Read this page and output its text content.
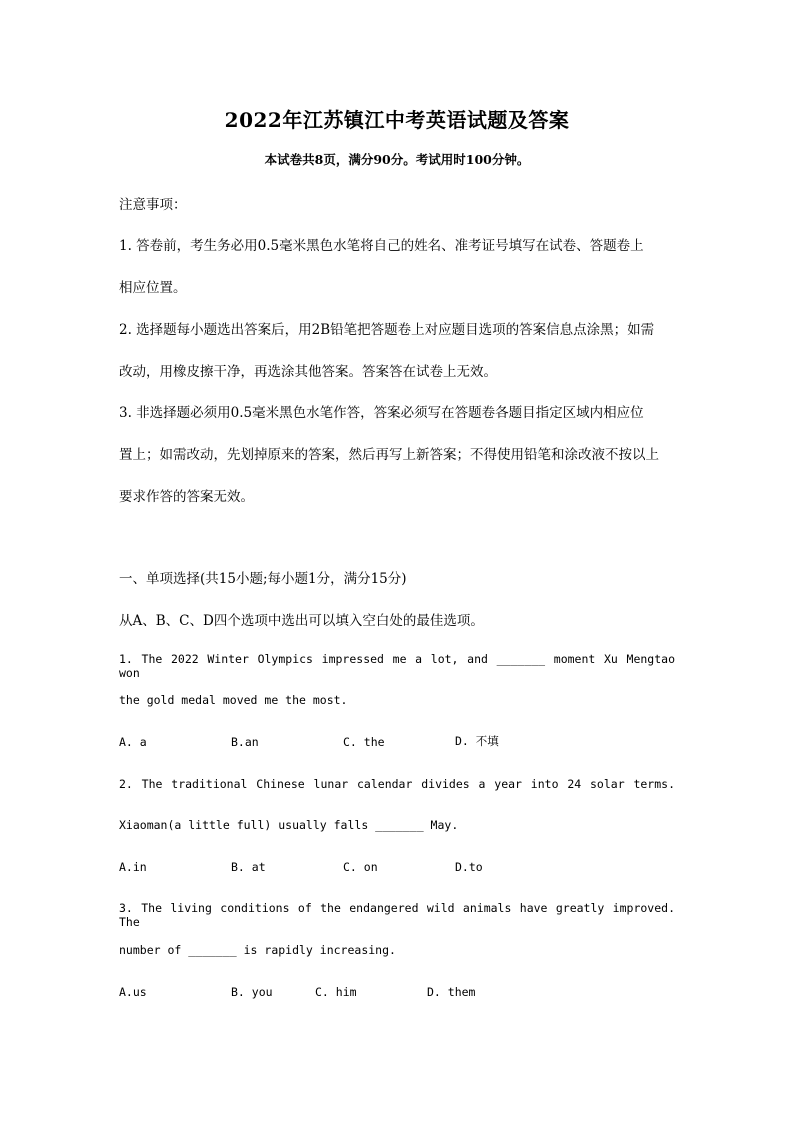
2022年江苏镇江中考英语试题及答案
本试卷共8页，满分90分。考试用时100分钟。
注意事项：
1. 答卷前，考生务必用0.5毫米黑色水笔将自己的姓名、准考证号填写在试卷、答题卷上
相应位置。
2. 选择题每小题选出答案后，用2B铅笔把答题卷上对应题目选项的答案信息点涂黑；如需
改动，用橡皮擦干净，再选涂其他答案。答案答在试卷上无效。
3. 非选择题必须用0.5毫米黑色水笔作答，答案必须写在答题卷各题目指定区域内相应位
置上；如需改动，先划掉原来的答案，然后再写上新答案；不得使用铅笔和涂改液不按以上
要求作答的答案无效。
一、单项选择(共15小题;每小题1分，满分15分)
从A、B、C、D四个选项中选出可以填入空白处的最佳选项。
1. The 2022 Winter Olympics impressed me a lot, and _______ moment Xu Mengtao won
the gold medal moved me the most.
A. a	B.an	C. the	D. 不填
2. The traditional Chinese lunar calendar divides a year into 24 solar terms.
Xiaoman(a little full) usually falls _______ May.
A.in	B. at	C. on	D.to
3. The living conditions of the endangered wild animals have greatly improved. The
number of _______ is rapidly increasing.
A.us	B. you	C. him	D. them
